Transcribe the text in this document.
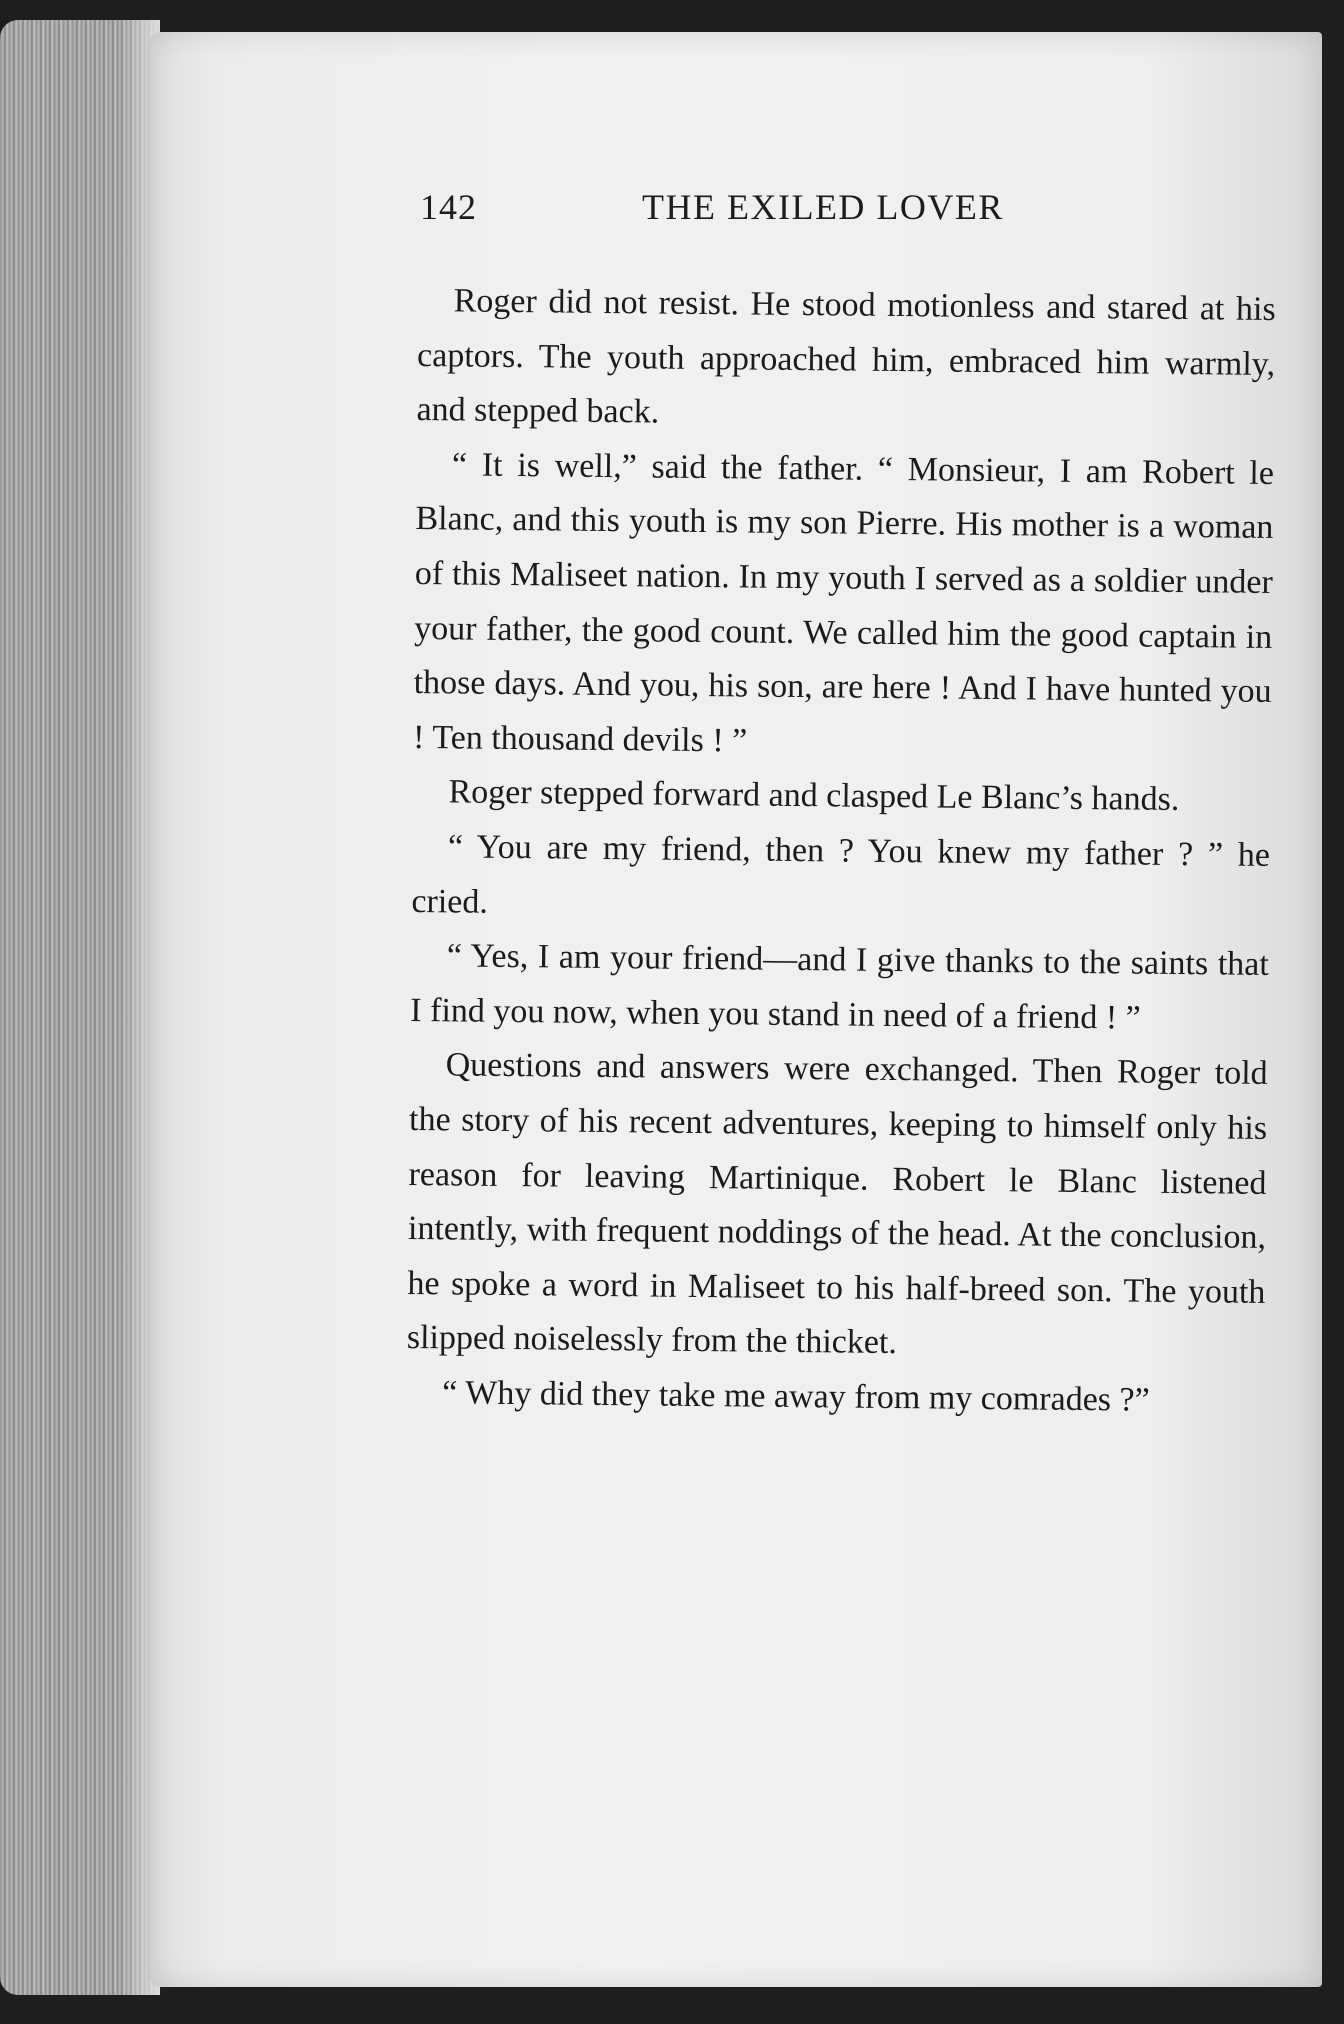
142	THE EXILED LOVER

Roger did not resist. He stood motionless and stared at his captors. The youth approached him, embraced him warmly, and stepped back.

“ It is well,” said the father. “ Monsieur, I am Robert le Blanc, and this youth is my son Pierre. His mother is a woman of this Maliseet nation. In my youth I served as a soldier under your father, the good count. We called him the good captain in those days. And you, his son, are here ! And I have hunted you ! Ten thousand devils ! ”

Roger stepped forward and clasped Le Blanc’s hands.

“ You are my friend, then ? You knew my father ? ” he cried.

“ Yes, I am your friend—and I give thanks to the saints that I find you now, when you stand in need of a friend ! ”

Questions and answers were exchanged. Then Roger told the story of his recent adventures, keeping to himself only his reason for leaving Martinique. Robert le Blanc listened intently, with frequent noddings of the head. At the conclusion, he spoke a word in Maliseet to his half-breed son. The youth slipped noiselessly from the thicket.

“ Why did they take me away from my comrades ?”
